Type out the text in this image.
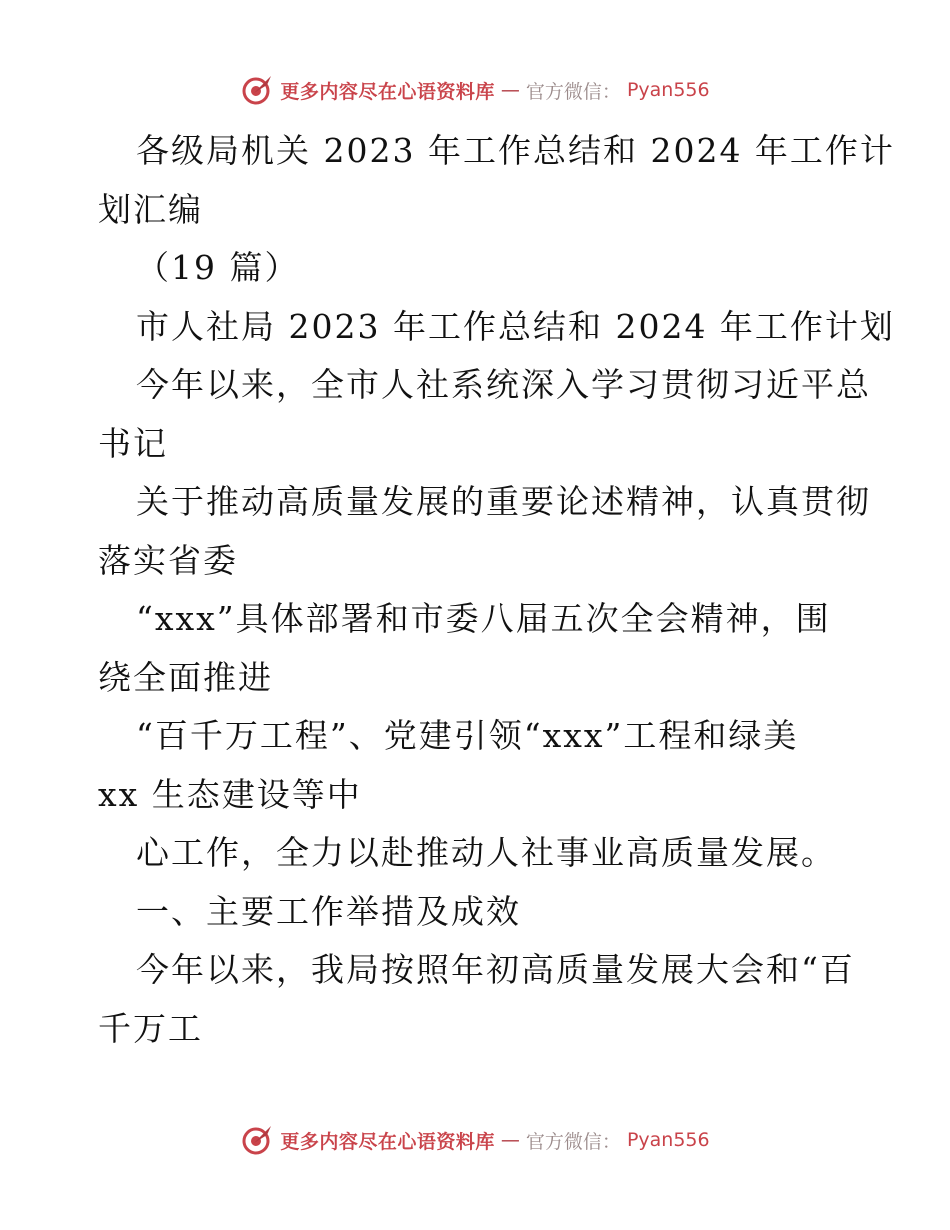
更多内容尽在心语资料库 — 官方微信： Pyan556

各级局机关 2023 年工作总结和 2024 年工作计

划汇编

（19 篇）

市人社局 2023 年工作总结和 2024 年工作计划

今年以来，全市人社系统深入学习贯彻习近平总

书记

关于推动高质量发展的重要论述精神，认真贯彻

落实省委

“xxx”具体部署和市委八届五次全会精神，围

绕全面推进

“百千万工程”、党建引领“xxx”工程和绿美

xx 生态建设等中

心工作，全力以赴推动人社事业高质量发展。

一、主要工作举措及成效

今年以来，我局按照年初高质量发展大会和“百

千万工

更多内容尽在心语资料库 — 官方微信： Pyan556
